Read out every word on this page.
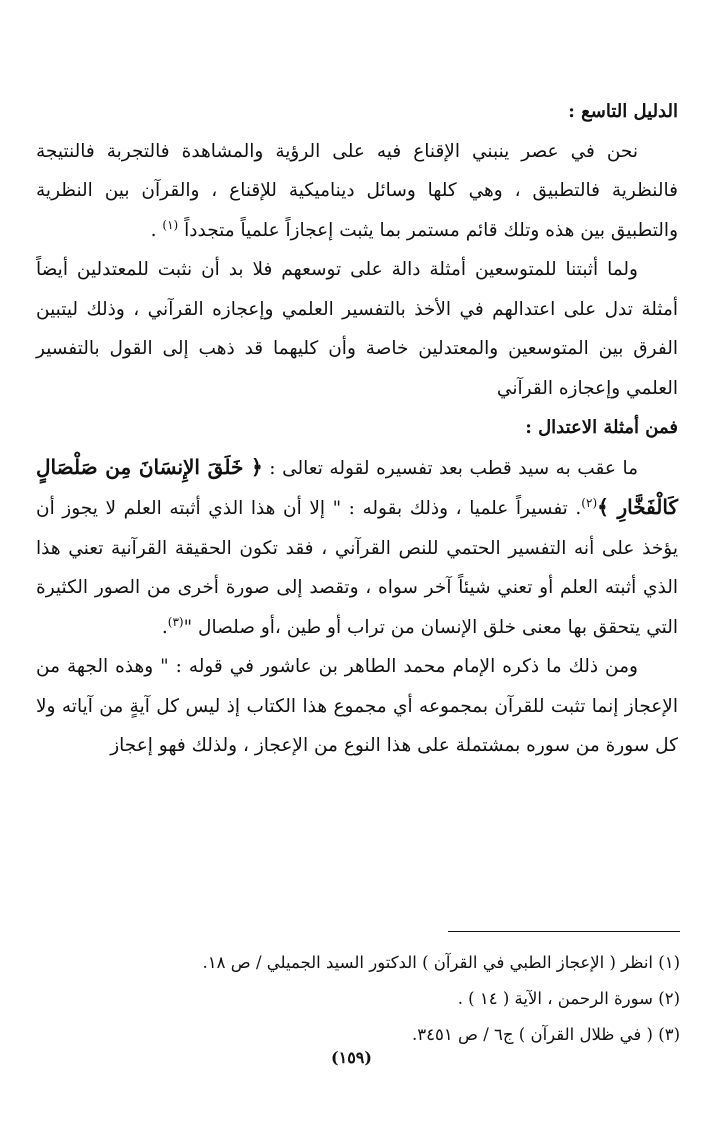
الدليل التاسع :

نحن في عصر ينبني الإقناع فيه على الرؤية والمشاهدة فالتجربة فالنتيجة فالنظرية فالتطبيق ، وهي كلها وسائل ديناميكية للإقناع ، والقرآن بين النظرية والتطبيق بين هذه وتلك قائم مستمر بما يثبت إعجازاً علمياً متجدداً $^{(١)}$ .

ولما أثبتنا للمتوسعين أمثلة دالة على توسعهم فلا بد أن نثبت للمعتدلين أيضاً أمثلة تدل على اعتدالهم في الأخذ بالتفسير العلمي وإعجازه القرآني ، وذلك ليتبين الفرق بين المتوسعين والمعتدلين خاصة وأن كليهما قد ذهب إلى القول بالتفسير العلمي وإعجازه القرآني

فمن أمثلة الاعتدال :

ما عقب به سيد قطب بعد تفسيره لقوله تعالى : ﴿ خَلَقَ الإِنسَانَ مِن صَلْصَالٍ كَالْفَخَّارِ ﴾$^{(٢)}$. تفسيراً علميا ، وذلك بقوله : " إلا أن هذا الذي أثبته العلم لا يجوز أن يؤخذ على أنه التفسير الحتمي للنص القرآني ، فقد تكون الحقيقة القرآنية تعني هذا الذي أثبته العلم أو تعني شيئاً آخر سواه ، وتقصد إلى صورة أخرى من الصور الكثيرة التي يتحقق بها معنى خلق الإنسان من تراب أو طين ،أو صلصال "$^{(٣)}$.

ومن ذلك ما ذكره الإمام محمد الطاهر بن عاشور في قوله : " وهذه الجهة من الإعجاز إنما تثبت للقرآن بمجموعه أي مجموع هذا الكتاب إذ ليس كل آيةٍ من آياته ولا كل سورة من سوره بمشتملة على هذا النوع من الإعجاز ، ولذلك فهو إعجاز

(١) انظر ( الإعجاز الطبي في القرآن ) الدكتور السيد الجميلي / ص ١٨.

(٢) سورة الرحمن ، الآية ( ١٤ ) .

(٣) ( في ظلال القرآن ) ج٦ / ص ٣٤٥١.

(١٥٩)
